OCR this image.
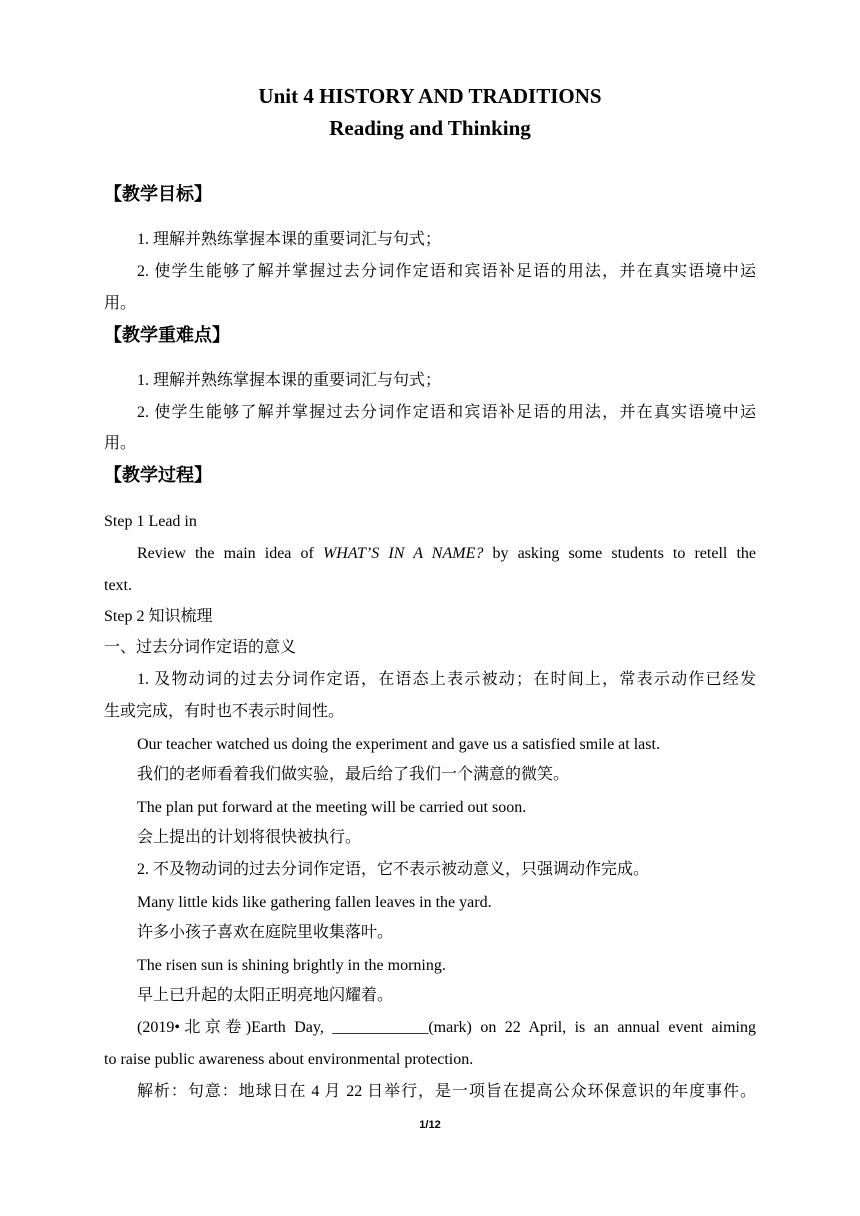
Unit 4 HISTORY AND TRADITIONS
Reading and Thinking
【教学目标】
1. 理解并熟练掌握本课的重要词汇与句式；
2. 使学生能够了解并掌握过去分词作定语和宾语补足语的用法，并在真实语境中运
用。
【教学重难点】
1. 理解并熟练掌握本课的重要词汇与句式；
2. 使学生能够了解并掌握过去分词作定语和宾语补足语的用法，并在真实语境中运
用。
【教学过程】
Step 1 Lead in
Review the main idea of WHAT’S IN A NAME? by asking some students to retell the
text.
Step 2 知识梳理
一、过去分词作定语的意义
1. 及物动词的过去分词作定语，在语态上表示被动；在时间上，常表示动作已经发
生或完成，有时也不表示时间性。
Our teacher watched us doing the experiment and gave us a satisfied smile at last.
我们的老师看着我们做实验，最后给了我们一个满意的微笑。
The plan put forward at the meeting will be carried out soon.
会上提出的计划将很快被执行。
2. 不及物动词的过去分词作定语，它不表示被动意义，只强调动作完成。
Many little kids like gathering fallen leaves in the yard.
许多小孩子喜欢在庭院里收集落叶。
The risen sun is shining brightly in the morning.
早上已升起的太阳正明亮地闪耀着。
(2019•北京卷)Earth Day, ____________(mark) on 22 April, is an annual event aiming
to raise public awareness about environmental protection.
解析：句意：地球日在 4 月 22 日举行，是一项旨在提高公众环保意识的年度事件。
1/12
